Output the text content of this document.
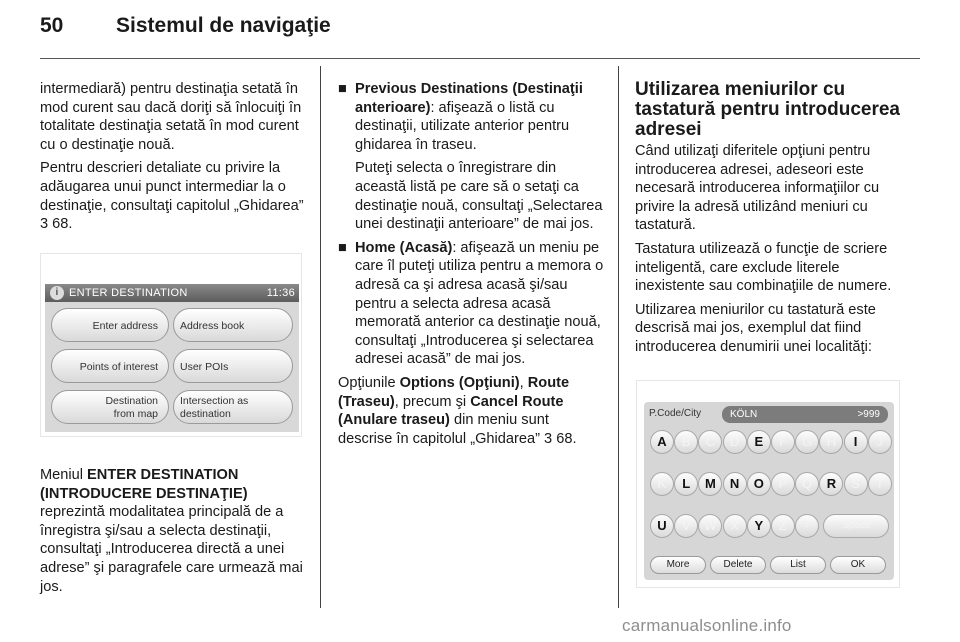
50	Sistemul de navigaţie

intermediară) pentru destinaţia setată în mod curent sau dacă doriţi să înlocuiţi în totalitate destinaţia setată în mod curent cu o destinaţie nouă.

Pentru descrieri detaliate cu privire la adăugarea unui punct intermediar la o destinaţie, consultaţi capitolul „Ghidarea” 3 68.

i ENTER DESTINATION	11:36
Enter address Address book
Points of interest User POIs
Destination
from map
Intersection as
destination

Meniul ENTER DESTINATION (INTRODUCERE DESTINAŢIE) reprezintă modalitatea principală de a înregistra şi/sau a selecta destinaţii, consultaţi „Introducerea directă a unei adrese” şi paragrafele care urmează mai jos.

■ Previous Destinations (Destinaţii anterioare): afişează o listă cu destinaţii, utilizate anterior pentru ghidarea în traseu.

Puteţi selecta o înregistrare din această listă pe care să o setaţi ca destinaţie nouă, consultaţi „Selectarea unei destinaţii anterioare” de mai jos.

■ Home (Acasă): afişează un meniu pe care îl puteţi utiliza pentru a memora o adresă ca şi adresa acasă şi/sau pentru a selecta adresa acasă memorată anterior ca destinaţie nouă, consultaţi „Introducerea şi selectarea adresei acasă” de mai jos.

Opţiunile Options (Opţiuni), Route (Traseu), precum şi Cancel Route (Anulare traseu) din meniu sunt descrise în capitolul „Ghidarea” 3 68.

Utilizarea meniurilor cu tastatură pentru introducerea adresei

Când utilizaţi diferitele opţiuni pentru introducerea adresei, adeseori este necesară introducerea informaţiilor cu privire la adresă utilizând meniuri cu tastatură.

Tastatura utilizează o funcţie de scriere inteligentă, care exclude literele inexistente sau combinaţiile de numere.

Utilizarea meniurilor cu tastatură este descrisă mai jos, exemplul dat fiind introducerea denumirii unei localităţi:

P.Code/City	KÖLN	>999
A	B	C	D	E	F	G	H	I	J
K	L	M	N	O	P	Q	R	S	T
U	V	W	X	Y	Z	-	Space
More	Delete	List	OK
carmanualsonline.info
